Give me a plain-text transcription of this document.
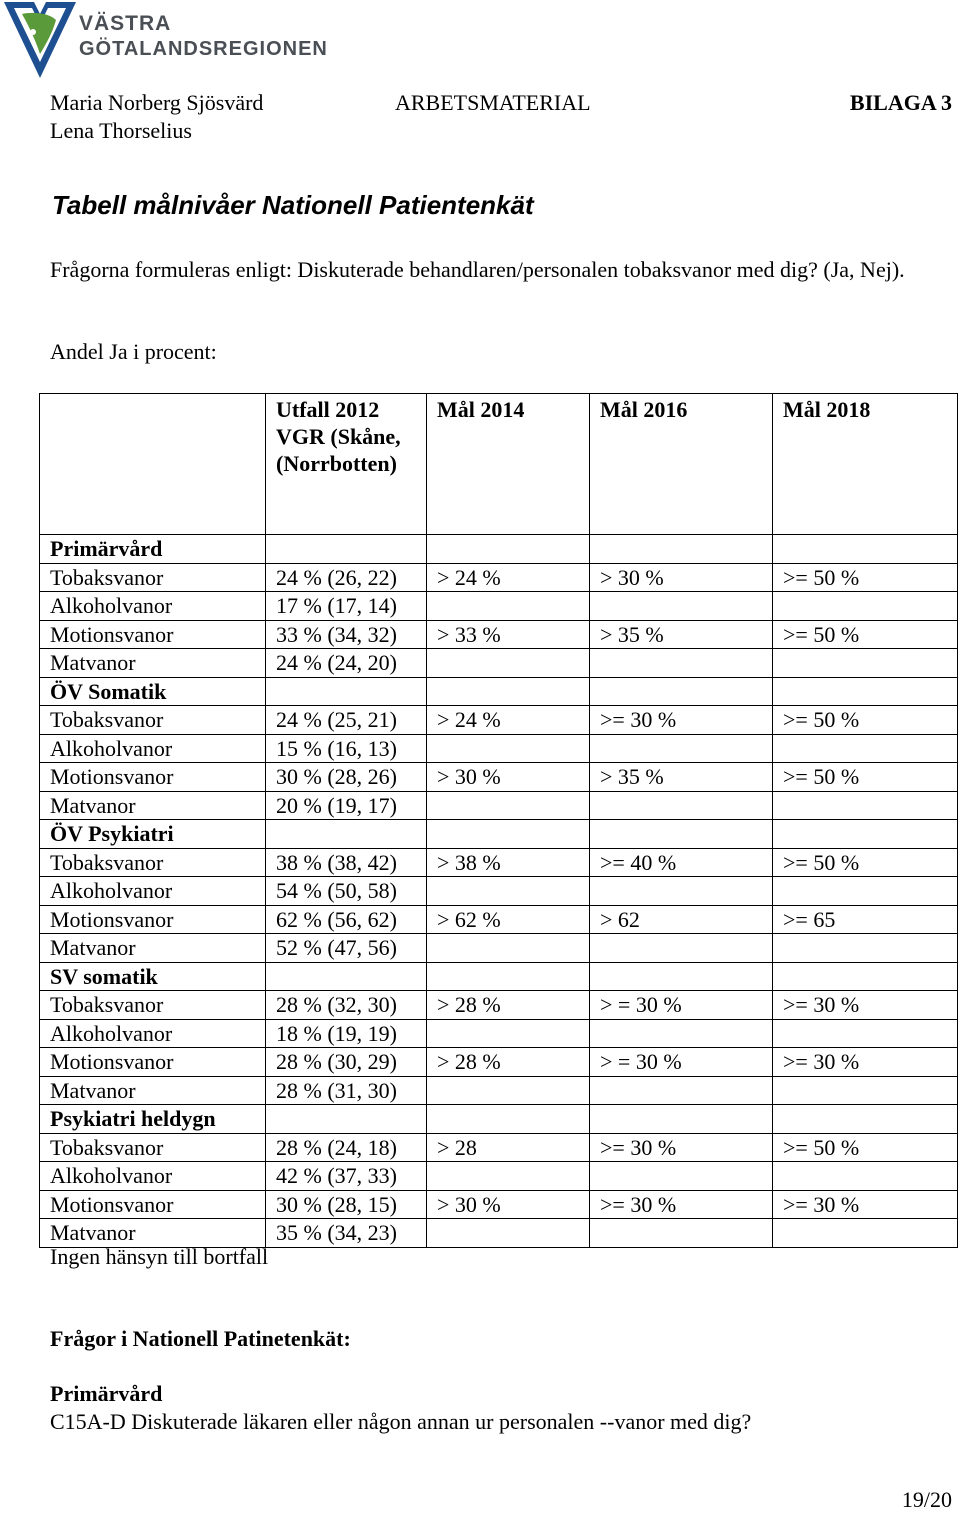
VÄSTRA
GÖTALANDSREGIONEN
Maria Norberg Sjösvärd
Lena Thorselius
ARBETSMATERIAL	BILAGA 3
Tabell målnivåer Nationell Patientenkät

Frågorna formuleras enligt: Diskuterade behandlaren/personalen tobaksvanor med dig? (Ja, Nej).

Andel Ja i procent:

	Utfall 2012 VGR (Skåne, (Norrbotten)	Mål 2014	Mål 2016	Mål 2018
Primärvård				
Tobaksvanor	24 % (26, 22)	> 24 %	> 30 %	>= 50 %
Alkoholvanor	17 % (17, 14)			
Motionsvanor	33 % (34, 32)	> 33 %	> 35 %	>= 50 %
Matvanor	24 % (24, 20)			
ÖV Somatik				
Tobaksvanor	24 % (25, 21)	> 24 %	>= 30 %	>= 50 %
Alkoholvanor	15 % (16, 13)			
Motionsvanor	30 % (28, 26)	> 30 %	> 35 %	>= 50 %
Matvanor	20 % (19, 17)			
ÖV Psykiatri				
Tobaksvanor	38 % (38, 42)	> 38 %	>= 40 %	>= 50 %
Alkoholvanor	54 % (50, 58)			
Motionsvanor	62 % (56, 62)	> 62 %	> 62	>= 65
Matvanor	52 % (47, 56)			
SV somatik				
Tobaksvanor	28 % (32, 30)	> 28 %	> = 30 %	>= 30 %
Alkoholvanor	18 % (19, 19)			
Motionsvanor	28 % (30, 29)	> 28 %	> = 30 %	>= 30 %
Matvanor	28 % (31, 30)			
Psykiatri heldygn				
Tobaksvanor	28 % (24, 18)	> 28	>= 30 %	>= 50 %
Alkoholvanor	42 % (37, 33)			
Motionsvanor	30 % (28, 15)	> 30 %	>= 30 %	>= 30 %
Matvanor	35 % (34, 23)			
Ingen hänsyn till bortfall
Frågor i Nationell Patinetenkät:
Primärvård
C15A-D Diskuterade läkaren eller någon annan ur personalen --vanor med dig?
19/20
